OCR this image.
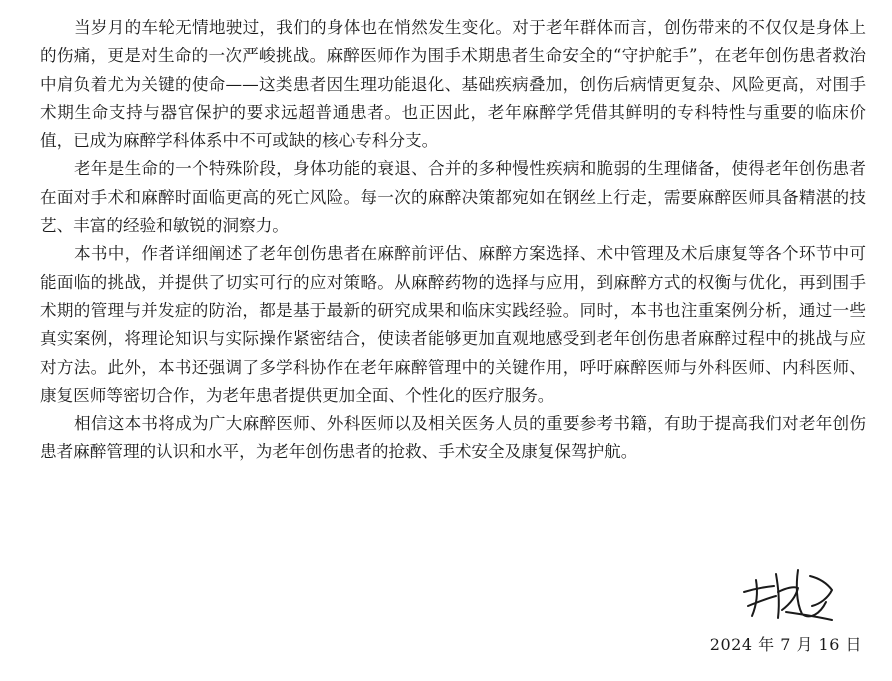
当岁月的车轮无情地驶过，我们的身体也在悄然发生变化。对于老年群体而言，创伤带来的不仅仅是身体上的伤痛，更是对生命的一次严峻挑战。麻醉医师作为围手术期患者生命安全的“守护舵手”，在老年创伤患者救治中肩负着尤为关键的使命——这类患者因生理功能退化、基础疾病叠加，创伤后病情更复杂、风险更高，对围手术期生命支持与器官保护的要求远超普通患者。也正因此，老年麻醉学凭借其鲜明的专科特性与重要的临床价值，已成为麻醉学科体系中不可或缺的核心专科分支。

老年是生命的一个特殊阶段，身体功能的衰退、合并的多种慢性疾病和脆弱的生理储备，使得老年创伤患者在面对手术和麻醉时面临更高的死亡风险。每一次的麻醉决策都宛如在钢丝上行走，需要麻醉医师具备精湛的技艺、丰富的经验和敏锐的洞察力。

本书中，作者详细阐述了老年创伤患者在麻醉前评估、麻醉方案选择、术中管理及术后康复等各个环节中可能面临的挑战，并提供了切实可行的应对策略。从麻醉药物的选择与应用，到麻醉方式的权衡与优化，再到围手术期的管理与并发症的防治，都是基于最新的研究成果和临床实践经验。同时，本书也注重案例分析，通过一些真实案例，将理论知识与实际操作紧密结合，使读者能够更加直观地感受到老年创伤患者麻醉过程中的挑战与应对方法。此外，本书还强调了多学科协作在老年麻醉管理中的关键作用，呼吁麻醉医师与外科医师、内科医师、康复医师等密切合作，为老年患者提供更加全面、个性化的医疗服务。

相信这本书将成为广大麻醉医师、外科医师以及相关医务人员的重要参考书籍，有助于提高我们对老年创伤患者麻醉管理的认识和水平，为老年创伤患者的抢救、手术安全及康复保驾护航。

2024 年 7 月 16 日
